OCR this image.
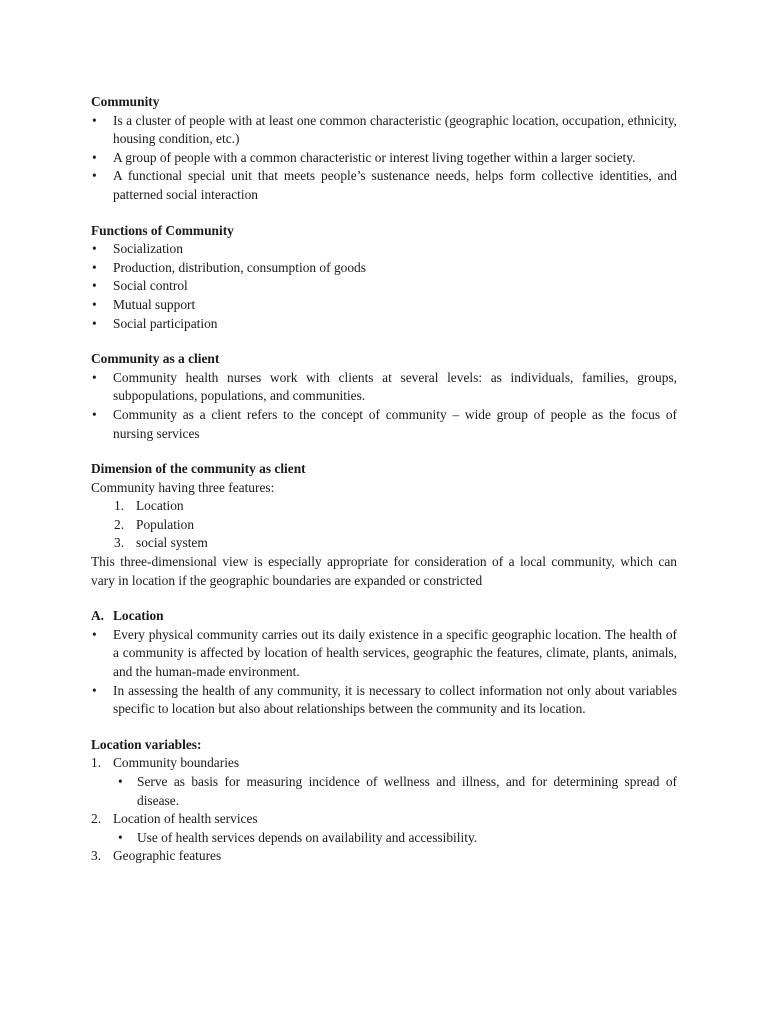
Community

•	Is a cluster of people with at least one common characteristic (geographic location, occupation, ethnicity, housing condition, etc.)
•	A group of people with a common characteristic or interest living together within a larger society.
•	A functional special unit that meets people’s sustenance needs, helps form collective identities, and patterned social interaction

Functions of Community

•	Socialization
•	Production, distribution, consumption of goods
•	Social control
•	Mutual support
•	Social participation

Community as a client

•	Community health nurses work with clients at several levels: as individuals, families, groups, subpopulations, populations, and communities.
•	Community as a client refers to the concept of community – wide group of people as the focus of nursing services

Dimension of the community as client

Community having three features:

1. Location
2. Population
3. social system

This three-dimensional view is especially appropriate for consideration of a local community, which can vary in location if the geographic boundaries are expanded or constricted

A. Location

•	Every physical community carries out its daily existence in a specific geographic location. The health of a community is affected by location of health services, geographic the features, climate, plants, animals, and the human-made environment.
•	In assessing the health of any community, it is necessary to collect information not only about variables specific to location but also about relationships between the community and its location.

Location variables:

1. Community boundaries
• Serve as basis for measuring incidence of wellness and illness, and for determining spread of disease.
2. Location of health services
• Use of health services depends on availability and accessibility.
3. Geographic features
